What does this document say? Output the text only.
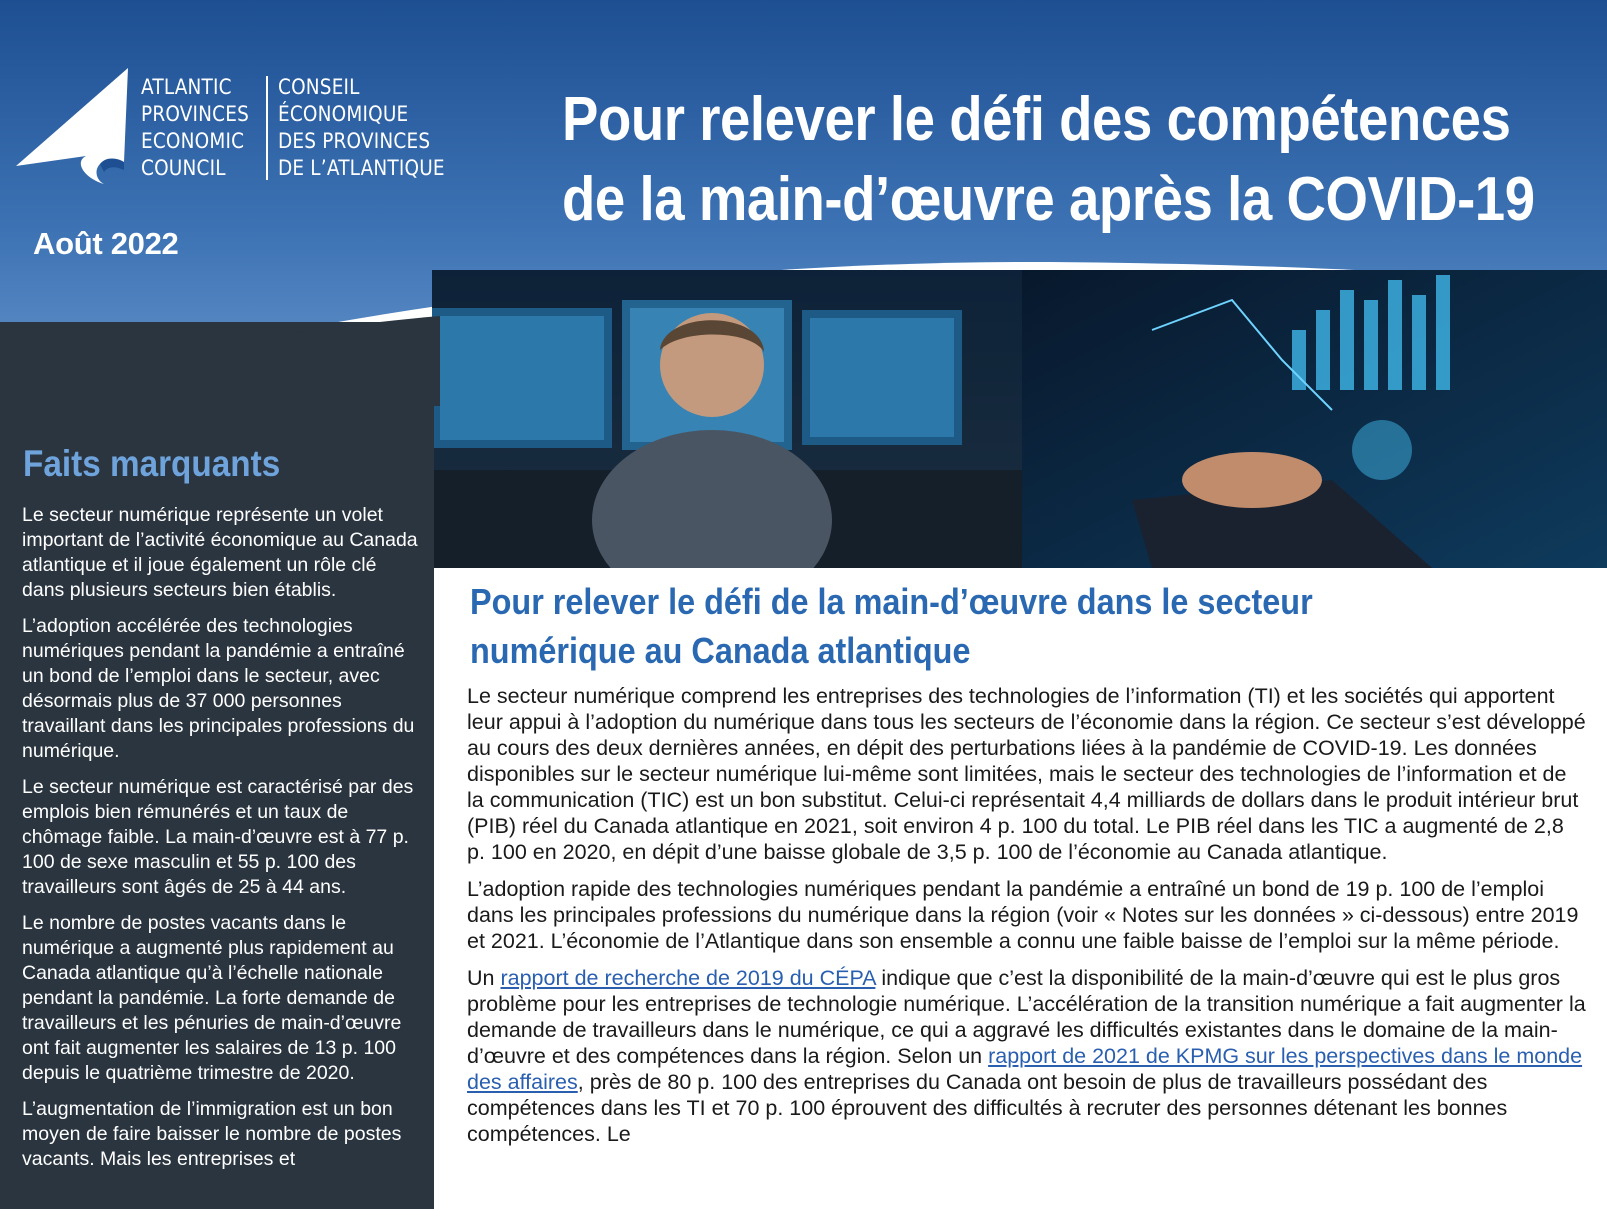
ATLANTIC
PROVINCES
ECONOMIC
COUNCIL
CONSEIL
ÉCONOMIQUE
DES PROVINCES
DE L’ATLANTIQUE
Août 2022
Pour relever le défi des compétences
de la main-d’œuvre après la COVID-19
Faits marquants

Le secteur numérique représente un volet important de l’activité économique au Canada atlantique et il joue également un rôle clé dans plusieurs secteurs bien établis.

L’adoption accélérée des technologies numériques pendant la pandémie a entraîné un bond de l’emploi dans le secteur, avec désormais plus de 37 000 personnes travaillant dans les principales professions du numérique.

Le secteur numérique est caractérisé par des emplois bien rémunérés et un taux de chômage faible. La main-d’œuvre est à 77 p. 100 de sexe masculin et 55 p. 100 des travailleurs sont âgés de 25 à 44 ans.

Le nombre de postes vacants dans le numérique a augmenté plus rapidement au Canada atlantique qu’à l’échelle nationale pendant la pandémie. La forte demande de travailleurs et les pénuries de main-d’œuvre ont fait augmenter les salaires de 13 p. 100 depuis le quatrième trimestre de 2020.

L’augmentation de l’immigration est un bon moyen de faire baisser le nombre de postes vacants. Mais les entreprises et

Pour relever le défi de la main-d’œuvre dans le secteur
numérique au Canada atlantique

Le secteur numérique comprend les entreprises des technologies de l’information (TI) et les sociétés qui apportent leur appui à l’adoption du numérique dans tous les secteurs de l’économie dans la région. Ce secteur s’est développé au cours des deux dernières années, en dépit des perturbations liées à la pandémie de COVID-19. Les données disponibles sur le secteur numérique lui-même sont limitées, mais le secteur des technologies de l’information et de la communication (TIC) est un bon substitut. Celui-ci représentait 4,4 milliards de dollars dans le produit intérieur brut (PIB) réel du Canada atlantique en 2021, soit environ 4 p. 100 du total. Le PIB réel dans les TIC a augmenté de 2,8 p. 100 en 2020, en dépit d’une baisse globale de 3,5 p. 100 de l’économie au Canada atlantique.

L’adoption rapide des technologies numériques pendant la pandémie a entraîné un bond de 19 p. 100 de l’emploi dans les principales professions du numérique dans la région (voir « Notes sur les données » ci-dessous) entre 2019 et 2021. L’économie de l’Atlantique dans son ensemble a connu une faible baisse de l’emploi sur la même période.

Un rapport de recherche de 2019 du CÉPA indique que c’est la disponibilité de la main-d’œuvre qui est le plus gros problème pour les entreprises de technologie numérique. L’accélération de la transition numérique a fait augmenter la demande de travailleurs dans le numérique, ce qui a aggravé les difficultés existantes dans le domaine de la main-d’œuvre et des compétences dans la région. Selon un rapport de 2021 de KPMG sur les perspectives dans le monde des affaires, près de 80 p. 100 des entreprises du Canada ont besoin de plus de travailleurs possédant des compétences dans les TI et 70 p. 100 éprouvent des difficultés à recruter des personnes détenant les bonnes compétences. Le
